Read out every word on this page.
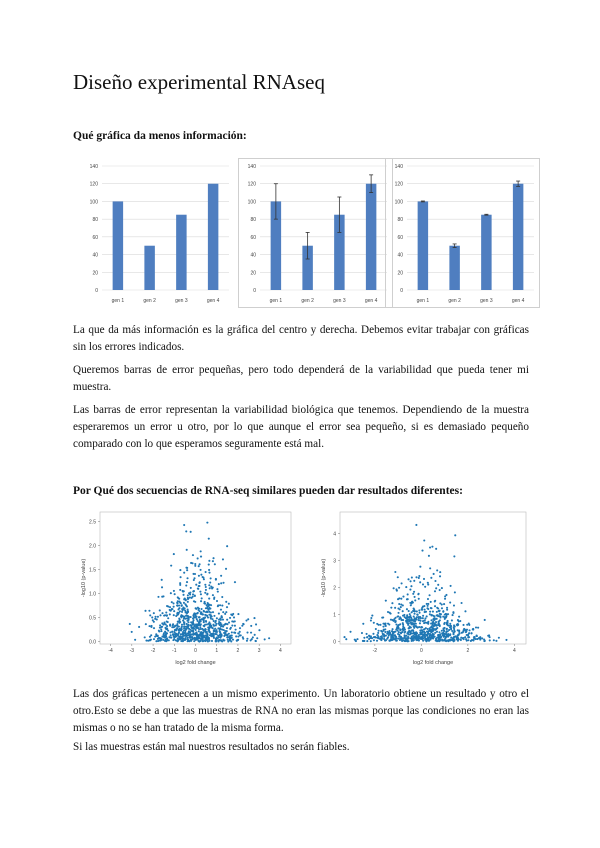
Diseño experimental RNAseq
Qué gráfica da menos información:
0
20
40
60
80
100
120
140
gen 1	gen 2	gen 3	gen 4
0
20
40
60
80
100
120
140
gen 1	gen 2	gen 3	gen 4
0
20
40
60
80
100
120
140
gen 1	gen 2	gen 3	gen 4

La que da más información es la gráfica del centro y derecha. Debemos evitar trabajar con gráficas sin los errores indicados.

Queremos barras de error pequeñas, pero todo dependerá de la variabilidad que pueda tener mi muestra.

Las barras de error representan la variabilidad biológica que tenemos. Dependiendo de la muestra esperaremos un error u otro, por lo que aunque el error sea pequeño, si es demasiado pequeño comparado con lo que esperamos seguramente está mal.

Por Qué dos secuencias de RNA-seq similares pueden dar resultados diferentes:
0.0
0.5
1.0
1.5
2.0
2.5
-4	-3	-2	-1	0	1	2	3	4
log2 fold change
-log10 (p-value)
0
1
2
3
4
-2	0	2	4
log2 fold change
-log10 (p-value)

Las dos gráficas pertenecen a un mismo experimento. Un laboratorio obtiene un resultado y otro el otro.Esto se debe a que las muestras de RNA no eran las mismas porque las condiciones no eran las mismas o no se han tratado de la misma forma.

Si las muestras están mal nuestros resultados no serán fiables.
